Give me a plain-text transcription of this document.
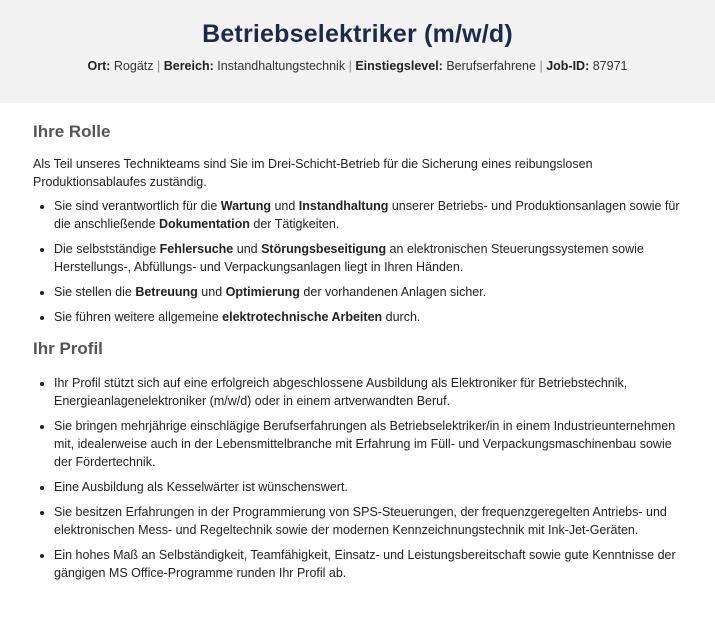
Betriebselektriker (m/w/d)
Ort: Rogätz | Bereich: Instandhaltungstechnik | Einstiegslevel: Berufserfahrene | Job-ID: 87971
Ihre Rolle

Als Teil unseres Technikteams sind Sie im Drei-Schicht-Betrieb für die Sicherung eines reibungslosen Produktionsablaufes zuständig.

• Sie sind verantwortlich für die Wartung und Instandhaltung unserer Betriebs- und Produktionsanlagen sowie für die anschließende Dokumentation der Tätigkeiten.
• Die selbstständige Fehlersuche und Störungsbeseitigung an elektronischen Steuerungssystemen sowie Herstellungs-, Abfüllungs- und Verpackungsanlagen liegt in Ihren Händen.
• Sie stellen die Betreuung und Optimierung der vorhandenen Anlagen sicher.
• Sie führen weitere allgemeine elektrotechnische Arbeiten durch.
Ihr Profil
• Ihr Profil stützt sich auf eine erfolgreich abgeschlossene Ausbildung als Elektroniker für Betriebstechnik, Energieanlagenelektroniker (m/w/d) oder in einem artverwandten Beruf.
• Sie bringen mehrjährige einschlägige Berufserfahrungen als Betriebselektriker/in in einem Industrieunternehmen mit, idealerweise auch in der Lebensmittelbranche mit Erfahrung im Füll- und Verpackungsmaschinenbau sowie der Fördertechnik.
• Eine Ausbildung als Kesselwärter ist wünschenswert.
• Sie besitzen Erfahrungen in der Programmierung von SPS-Steuerungen, der frequenzgeregelten Antriebs- und elektronischen Mess- und Regeltechnik sowie der modernen Kennzeichnungstechnik mit Ink-Jet-Geräten.
• Ein hohes Maß an Selbständigkeit, Teamfähigkeit, Einsatz- und Leistungsbereitschaft sowie gute Kenntnisse der gängigen MS Office-Programme runden Ihr Profil ab.
